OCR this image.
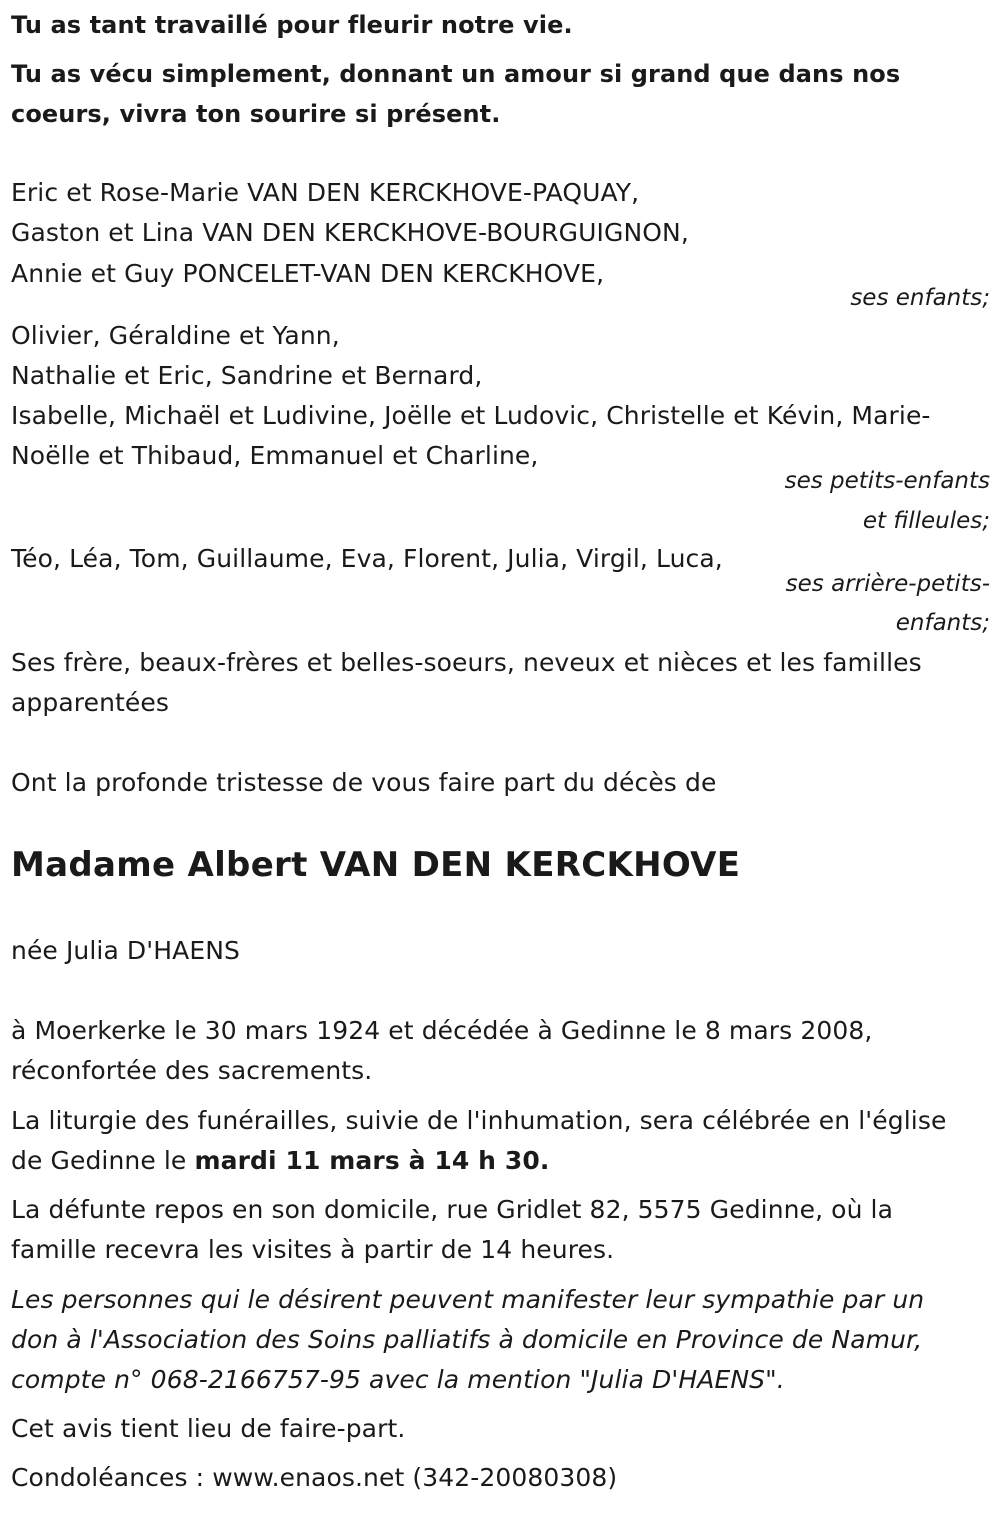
Tu as tant travaillé pour fleurir notre vie.
Tu as vécu simplement, donnant un amour si grand que dans nos
coeurs, vivra ton sourire si présent.
Eric et Rose-Marie VAN DEN KERCKHOVE-PAQUAY,
Gaston et Lina VAN DEN KERCKHOVE-BOURGUIGNON,
Annie et Guy PONCELET-VAN DEN KERCKHOVE,
ses enfants;
Olivier, Géraldine et Yann,
Nathalie et Eric, Sandrine et Bernard,
Isabelle, Michaël et Ludivine, Joëlle et Ludovic, Christelle et Kévin, Marie-
Noëlle et Thibaud, Emmanuel et Charline,
ses petits-enfants
et filleules;
Téo, Léa, Tom, Guillaume, Eva, Florent, Julia, Virgil, Luca,
ses arrière-petits-
enfants;
Ses frère, beaux-frères et belles-soeurs, neveux et nièces et les familles
apparentées
Ont la profonde tristesse de vous faire part du décès de
Madame Albert VAN DEN KERCKHOVE
née Julia D'HAENS
à Moerkerke le 30 mars 1924 et décédée à Gedinne le 8 mars 2008,
réconfortée des sacrements.
La liturgie des funérailles, suivie de l'inhumation, sera célébrée en l'église
de Gedinne le mardi 11 mars à 14 h 30.
La défunte repos en son domicile, rue Gridlet 82, 5575 Gedinne, où la
famille recevra les visites à partir de 14 heures.
Les personnes qui le désirent peuvent manifester leur sympathie par un
don à l'Association des Soins palliatifs à domicile en Province de Namur,
compte n° 068-2166757-95 avec la mention "Julia D'HAENS".
Cet avis tient lieu de faire-part.
Condoléances : www.enaos.net (342-20080308)
